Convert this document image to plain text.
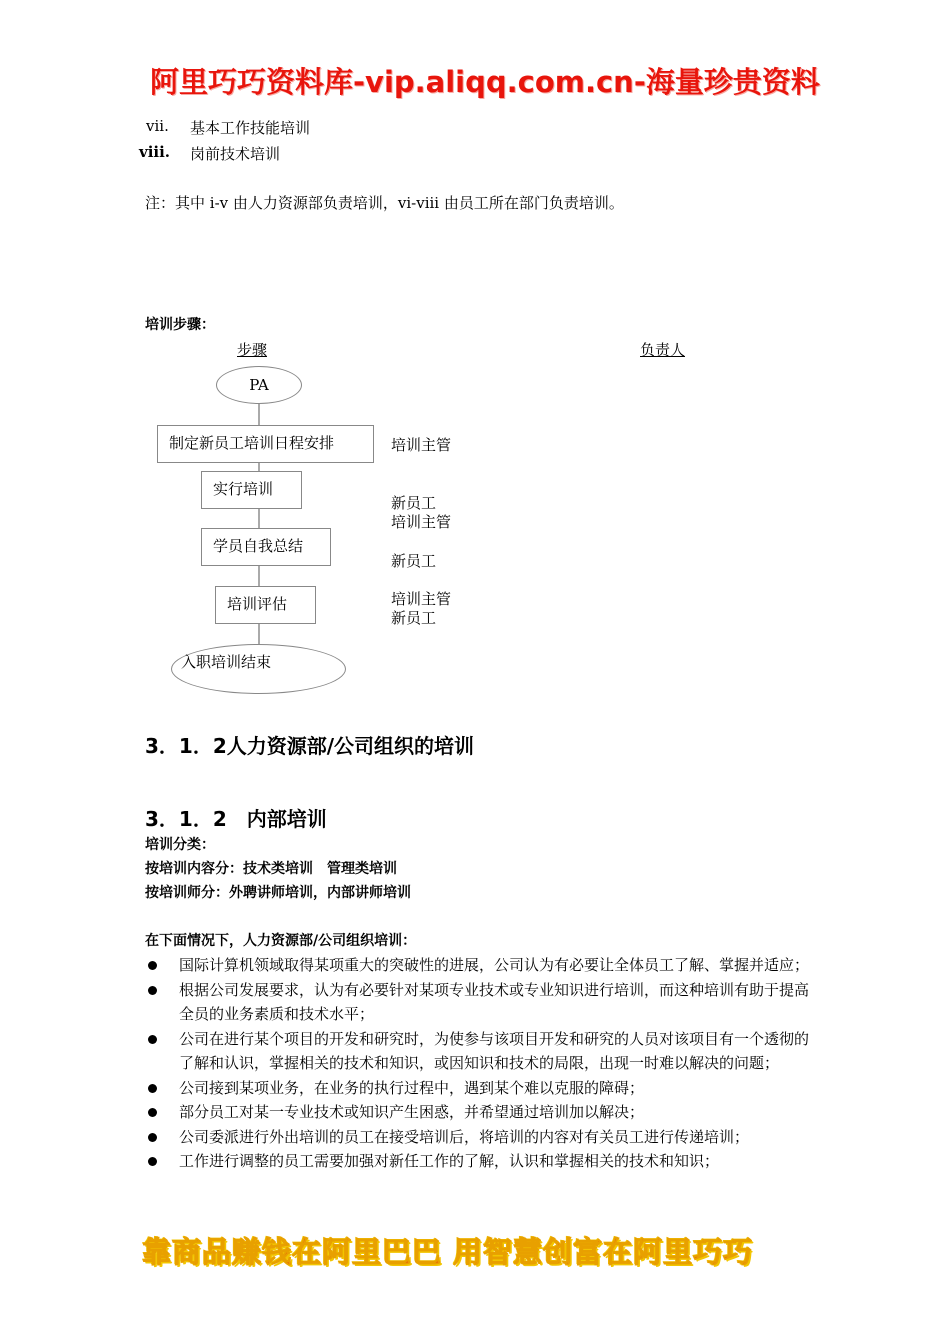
阿里巧巧资料库-vip.aliqq.com.cn-海量珍贵资料
vii. 基本工作技能培训
viii. 岗前技术培训
注：其中 i-v 由人力资源部负责培训，vi-viii 由员工所在部门负责培训。
培训步骤：
步骤	负责人
PA
制定新员工培训日程安排
实行培训
学员自我总结
培训评估
入职培训结束
培训主管
新员工
培训主管
新员工
培训主管
新员工
3．1．2人力资源部/公司组织的培训
3．1．2　内部培训
培训分类：
按培训内容分：技术类培训　管理类培训
按培训师分：外聘讲师培训，内部讲师培训
在下面情况下，人力资源部/公司组织培训：
国际计算机领域取得某项重大的突破性的进展，公司认为有必要让全体员工了解、掌握并适应；
根据公司发展要求，认为有必要针对某项专业技术或专业知识进行培训，而这种培训有助于提高全员的业务素质和技术水平；
公司在进行某个项目的开发和研究时，为使参与该项目开发和研究的人员对该项目有一个透彻的了解和认识，掌握相关的技术和知识，或因知识和技术的局限，出现一时难以解决的问题；
公司接到某项业务，在业务的执行过程中，遇到某个难以克服的障碍；
部分员工对某一专业技术或知识产生困惑，并希望通过培训加以解决；
公司委派进行外出培训的员工在接受培训后，将培训的内容对有关员工进行传递培训；
工作进行调整的员工需要加强对新任工作的了解，认识和掌握相关的技术和知识；
靠商品赚钱在阿里巴巴 用智慧创富在阿里巧巧
